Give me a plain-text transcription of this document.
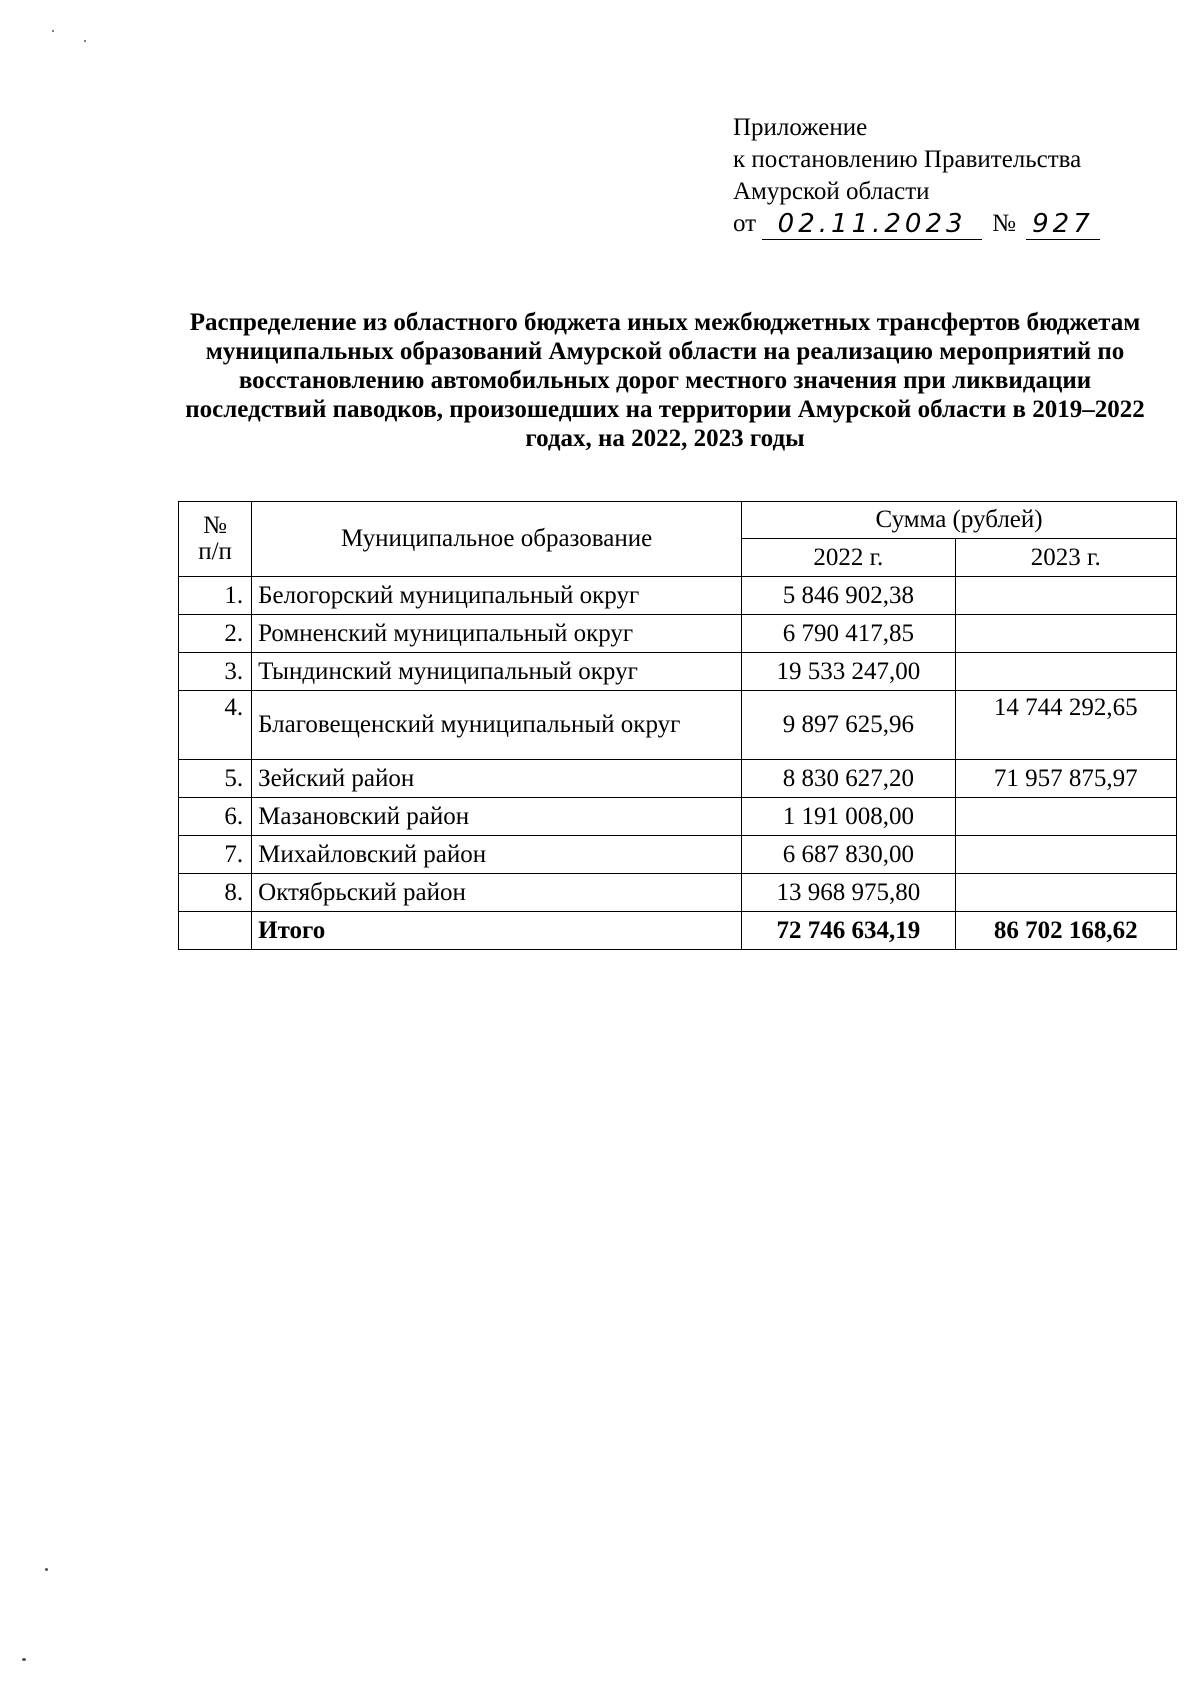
Приложение
к постановлению Правительства
Амурской области
от 02.11.2023	№ 927
Распределение из областного бюджета иных межбюджетных трансфертов бюджетам муниципальных образований Амурской области на реализацию мероприятий по восстановлению автомобильных дорог местного значения при ликвидации последствий паводков, произошедших на территории Амурской области в 2019–2022 годах, на 2022, 2023 годы
№
п/п	Муниципальное образование	Сумма (рублей)	
		2022 г.	2023 г.
1.	Белогорский муниципальный округ	5 846 902,38	
2.	Ромненский муниципальный округ	6 790 417,85	
3.	Тындинский муниципальный округ	19 533 247,00	
4.	Благовещенский муниципальный округ	9 897 625,96	14 744 292,65
5.	Зейский район	8 830 627,20	71 957 875,97
6.	Мазановский район	1 191 008,00	
7.	Михайловский район	6 687 830,00	
8.	Октябрьский район	13 968 975,80	
	Итого	72 746 634,19	86 702 168,62
